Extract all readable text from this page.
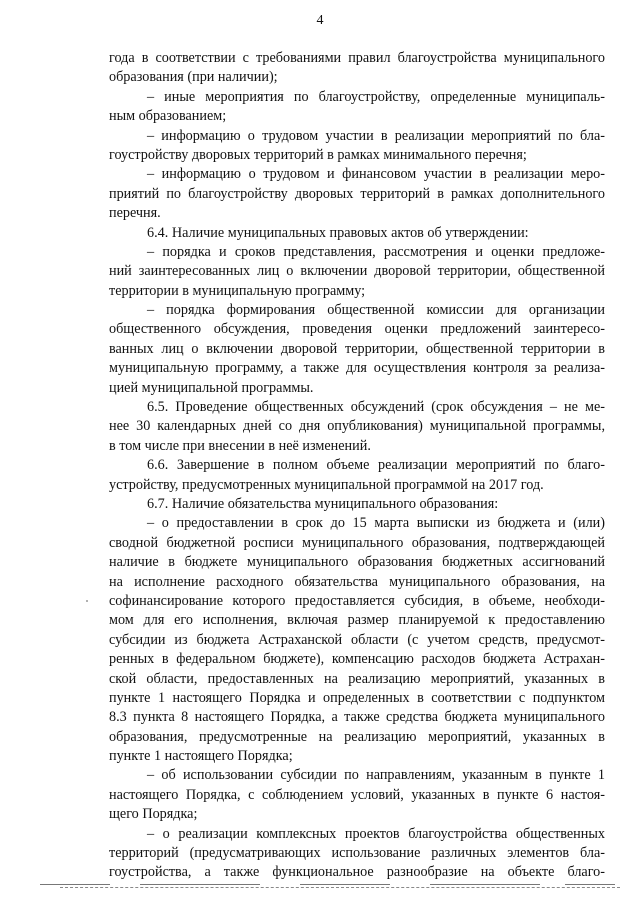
4
года в соответствии с требованиями правил благоустройства муниципального
образования (при наличии);
– иные мероприятия по благоустройству, определенные муниципаль-
ным образованием;
– информацию о трудовом участии в реализации мероприятий по бла-
гоустройству дворовых территорий в рамках минимального перечня;
– информацию о трудовом и финансовом участии в реализации меро-
приятий по благоустройству дворовых территорий в рамках дополнительного
перечня.
6.4. Наличие муниципальных правовых актов об утверждении:
– порядка и сроков представления, рассмотрения и оценки предложе-
ний заинтересованных лиц о включении дворовой территории, общественной
территории в муниципальную программу;
– порядка формирования общественной комиссии для организации
общественного обсуждения, проведения оценки предложений заинтересо-
ванных лиц о включении дворовой территории, общественной территории в
муниципальную программу, а также для осуществления контроля за реализа-
цией муниципальной программы.
6.5. Проведение общественных обсуждений (срок обсуждения – не ме-
нее 30 календарных дней со дня опубликования) муниципальной программы,
в том числе при внесении в неё изменений.
6.6. Завершение в полном объеме реализации мероприятий по благо-
устройству, предусмотренных муниципальной программой на 2017 год.
6.7. Наличие обязательства муниципального образования:
– о предоставлении в срок до 15 марта выписки из бюджета и (или)
сводной бюджетной росписи муниципального образования, подтверждающей
наличие в бюджете муниципального образования бюджетных ассигнований
на исполнение расходного обязательства муниципального образования, на
софинансирование которого предоставляется субсидия, в объеме, необходи-
мом для его исполнения, включая размер планируемой к предоставлению
субсидии из бюджета Астраханской области (с учетом средств, предусмот-
ренных в федеральном бюджете), компенсацию расходов бюджета Астрахан-
ской области, предоставленных на реализацию мероприятий, указанных в
пункте 1 настоящего Порядка и определенных в соответствии с подпунктом
8.3 пункта 8 настоящего Порядка, а также средства бюджета муниципального
образования, предусмотренные на реализацию мероприятий, указанных в
пункте 1 настоящего Порядка;
– об использовании субсидии по направлениям, указанным в пункте 1
настоящего Порядка, с соблюдением условий, указанных в пункте 6 настоя-
щего Порядка;
– о реализации комплексных проектов благоустройства общественных
территорий (предусматривающих использование различных элементов бла-
гоустройства, а также функциональное разнообразие на объекте благо-
